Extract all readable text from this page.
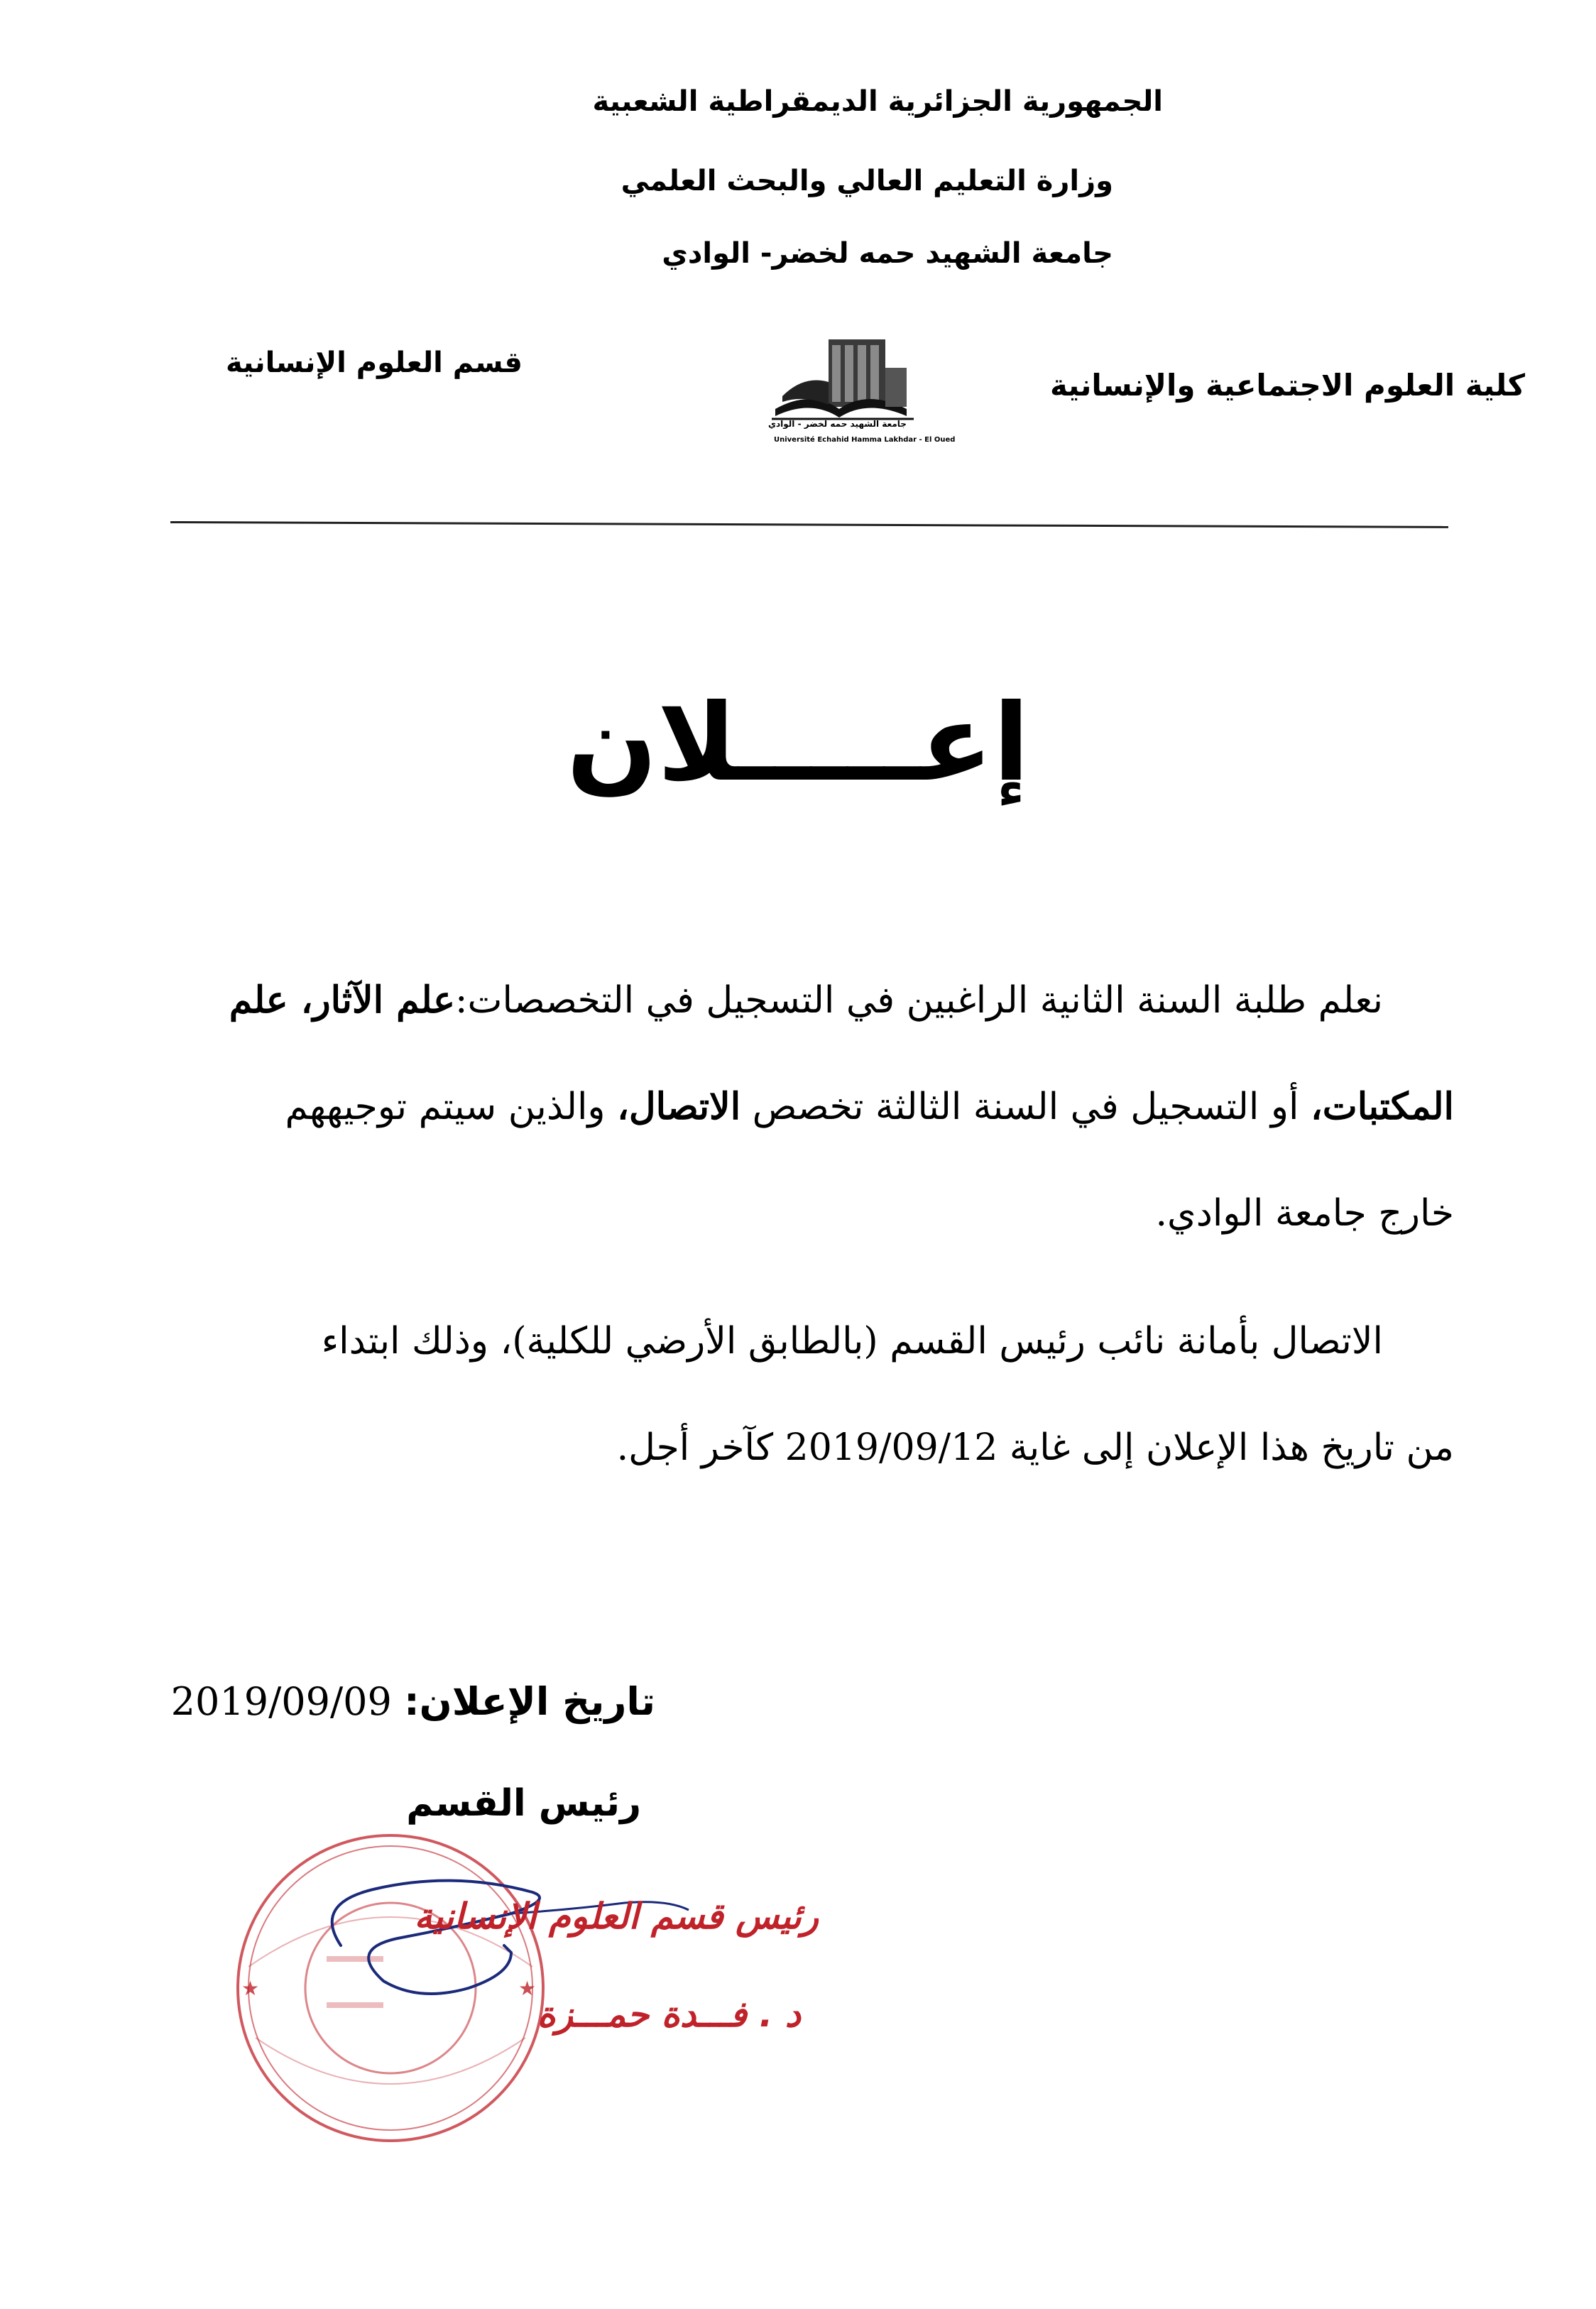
الجمهورية الجزائرية الديمقراطية الشعبية
وزارة التعليم العالي والبحث العلمي
جامعة الشهيد حمه لخضر- الوادي
كلية العلوم الاجتماعية والإنسانية
قسم العلوم الإنسانية
جامعة الشهيد حمه لخضر - الوادي
Université Echahid Hamma Lakhdar - El Oued
إعـــــلان
نعلم طلبة السنة الثانية الراغبين في التسجيل في التخصصات:علم الآثار، علم
المكتبات، أو التسجيل في السنة الثالثة تخصص الاتصال، والذين سيتم توجيههم
خارج جامعة الوادي.
الاتصال بأمانة نائب رئيس القسم (بالطابق الأرضي للكلية)، وذلك ابتداء
من تاريخ هذا الإعلان إلى غاية 2019/09/12 كآخر أجل.
تاريخ الإعلان: 2019/09/09
رئيس القسم
★	★
رئيس قسم العلوم الإنسانية
د . فـــدة حمـــزة
